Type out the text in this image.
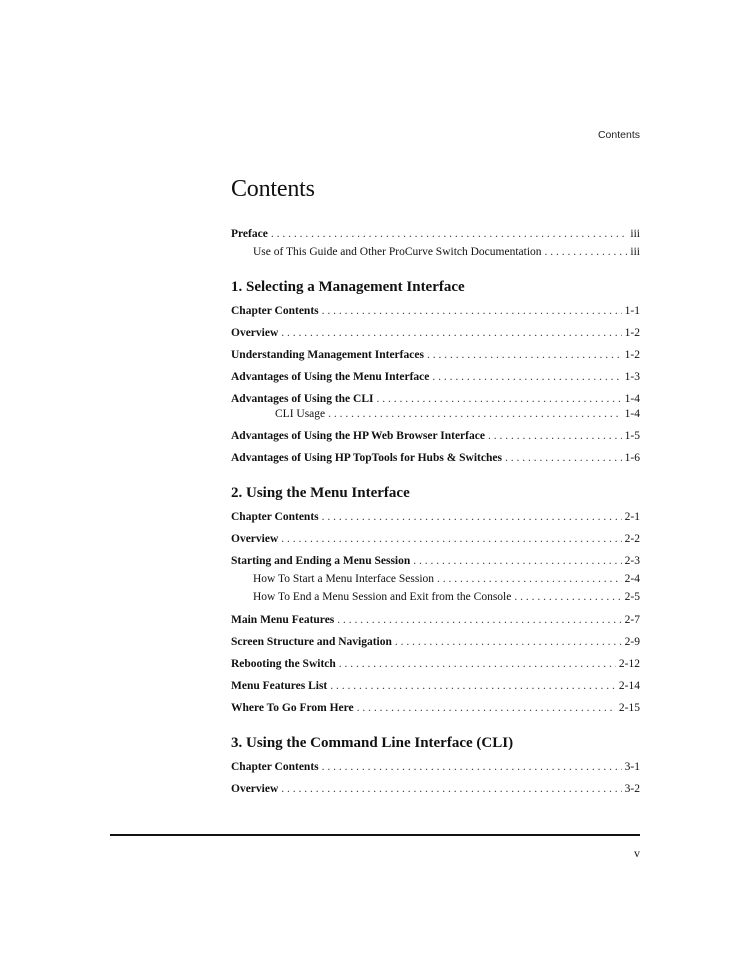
Contents
Contents
Preface . . .	iii
Use of This Guide and Other ProCurve Switch Documentation . . .	iii
1. Selecting a Management Interface
Chapter Contents . . .	1-1
Overview . . .	1-2
Understanding Management Interfaces . . .	1-2
Advantages of Using the Menu Interface . . .	1-3
Advantages of Using the CLI . . .	1-4
CLI Usage . . .	1-4
Advantages of Using the HP Web Browser Interface . . .	1-5
Advantages of Using HP TopTools for Hubs & Switches . . .	1-6
2. Using the Menu Interface
Chapter Contents . . .	2-1
Overview . . .	2-2
Starting and Ending a Menu Session . . .	2-3
How To Start a Menu Interface Session . . .	2-4
How To End a Menu Session and Exit from the Console . . .	2-5
Main Menu Features . . .	2-7
Screen Structure and Navigation . . .	2-9
Rebooting the Switch . . .	2-12
Menu Features List . . .	2-14
Where To Go From Here . . .	2-15
3. Using the Command Line Interface (CLI)
Chapter Contents . . .	3-1
Overview . . .	3-2
v
